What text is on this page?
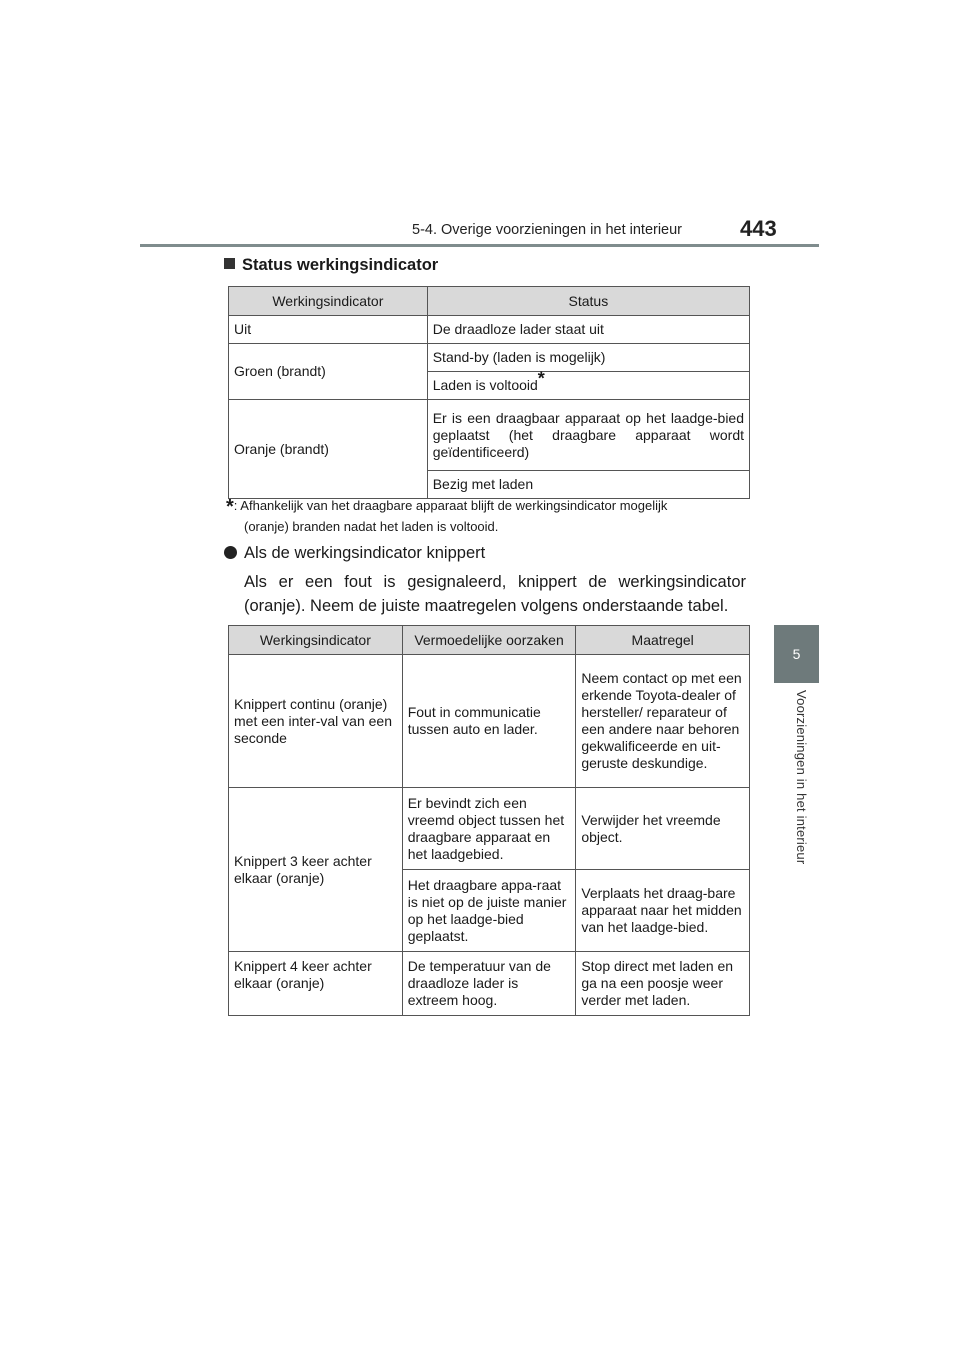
5-4. Overige voorzieningen in het interieur	443
5
Voorzieningen in het interieur
Status werkingsindicator
Werkingsindicator	Status
Uit	De draadloze lader staat uit
Groen (brandt)	Stand-by (laden is mogelijk)
	Laden is voltooid*
Oranje (brandt)	Er is een draagbaar apparaat op het laadge-bied geplaatst (het draagbare apparaat wordt geïdentificeerd)
	Bezig met laden
*: Afhankelijk van het draagbare apparaat blijft de werkingsindicator mogelijk
(oranje) branden nadat het laden is voltooid.
Als de werkingsindicator knippert
Als er een fout is gesignaleerd, knippert de werkingsindicator
(oranje). Neem de juiste maatregelen volgens onderstaande tabel.
Werkingsindicator	Vermoedelijke oorzaken	Maatregel
Knippert continu (oranje) met een inter-val van een seconde	Fout in communicatie tussen auto en lader.	Neem contact op met een erkende Toyota-dealer of hersteller/ reparateur of een andere naar behoren gekwalificeerde en uit-geruste deskundige.
Knippert 3 keer achter elkaar (oranje)	Er bevindt zich een vreemd object tussen het draagbare apparaat en het laadgebied.	Verwijder het vreemde object.
	Het draagbare appa-raat is niet op de juiste manier op het laadge-bied geplaatst.	Verplaats het draag-bare apparaat naar het midden van het laadge-bied.
Knippert 4 keer achter elkaar (oranje)	De temperatuur van de draadloze lader is extreem hoog.	Stop direct met laden en ga na een poosje weer verder met laden.
